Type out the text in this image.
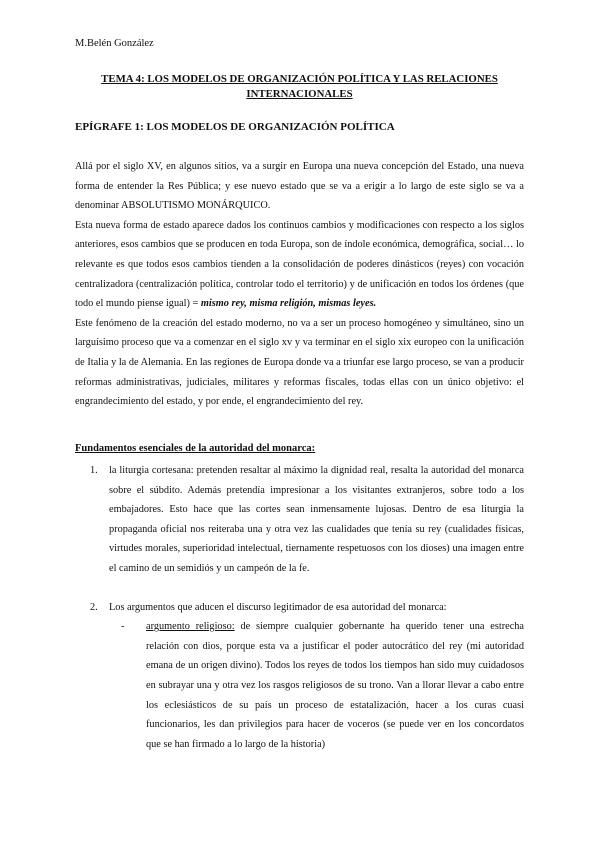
M.Belén González
TEMA 4: LOS MODELOS DE ORGANIZACIÓN POLÍTICA Y LAS RELACIONES INTERNACIONALES
EPÍGRAFE 1: LOS MODELOS DE ORGANIZACIÓN POLÍTICA

Allá por el siglo XV, en algunos sitios, va a surgir en Europa una nueva concepción del Estado, una nueva forma de entender la Res Pública; y ese nuevo estado que se va a erigir a lo largo de este siglo se va a denominar ABSOLUTISMO MONÁRQUICO.

Esta nueva forma de estado aparece dados los continuos cambios y modificaciones con respecto a los siglos anteriores, esos cambios que se producen en toda Europa, son de índole económica, demográfica, social… lo relevante es que todos esos cambios tienden a la consolidación de poderes dinásticos (reyes) con vocación centralizadora (centralización política, controlar todo el territorio) y de unificación en todos los órdenes (que todo el mundo piense igual) = mismo rey, misma religión, mismas leyes.

Este fenómeno de la creación del estado moderno, no va a ser un proceso homogéneo y simultáneo, sino un larguísimo proceso que va a comenzar en el siglo xv y va terminar en el siglo xix europeo con la unificación de Italia y la de Alemania. En las regiones de Europa donde va a triunfar ese largo proceso, se van a producir reformas administrativas, judiciales, militares y reformas fiscales, todas ellas con un único objetivo: el engrandecimiento del estado, y por ende, el engrandecimiento del rey.

Fundamentos esenciales de la autoridad del monarca:
1.	la liturgia cortesana: pretenden resaltar al máximo la dignidad real, resalta la autoridad del monarca sobre el súbdito. Además pretendía impresionar a los visitantes extranjeros, sobre todo a los embajadores. Esto hace que las cortes sean inmensamente lujosas. Dentro de esa liturgia la propaganda oficial nos reiteraba una y otra vez las cualidades que tenía su rey (cualidades físicas, virtudes morales, superioridad intelectual, tiernamente respetuosos con los dioses) una imagen entre el camino de un semidiós y un campeón de la fe.
2.	Los argumentos que aducen el discurso legitimador de esa autoridad del monarca:
-	argumento religioso: de siempre cualquier gobernante ha querido tener una estrecha relación con dios, porque esta va a justificar el poder autocrático del rey (mi autoridad emana de un origen divino). Todos los reyes de todos los tiempos han sido muy cuidadosos en subrayar una y otra vez los rasgos religiosos de su trono. Van a llorar llevar a cabo entre los eclesiásticos de su país un proceso de estatalización, hacer a los curas cuasi funcionarios, les dan privilegios para hacer de voceros (se puede ver en los concordatos que se han firmado a lo largo de la historia)
